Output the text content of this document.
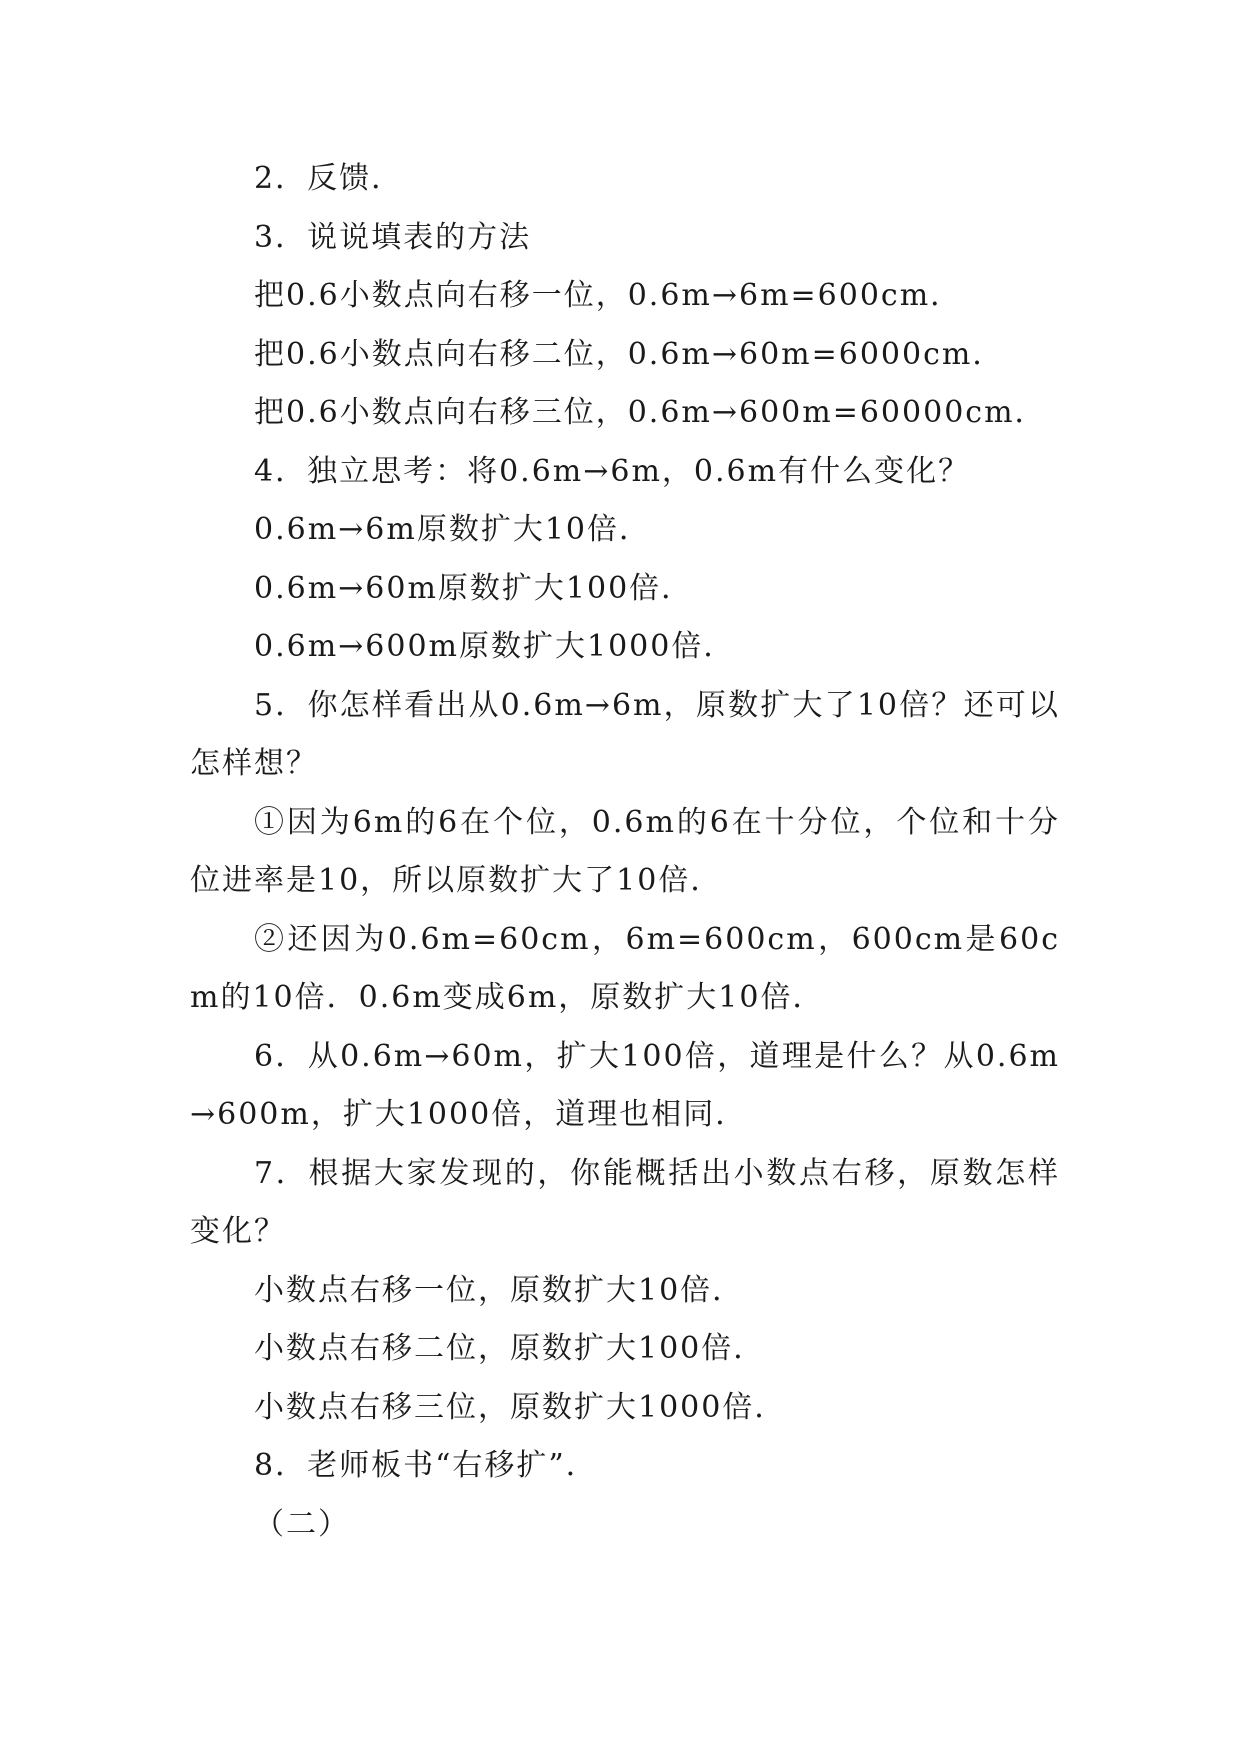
2．反馈．

3．说说填表的方法

把0.6小数点向右移一位，0.6m→6m=600cm．

把0.6小数点向右移二位，0.6m→60m=6000cm．

把0.6小数点向右移三位，0.6m→600m=60000cm．

4．独立思考：将0.6m→6m，0.6m有什么变化？

0.6m→6m原数扩大10倍．

0.6m→60m原数扩大100倍．

0.6m→600m原数扩大1000倍．

5．你怎样看出从0.6m→6m，原数扩大了10倍？还可以怎样想？

①因为6m的6在个位，0.6m的6在十分位，个位和十分位进率是10，所以原数扩大了10倍．

②还因为0.6m=60cm，6m=600cm，600cm是60cm的10倍．0.6m变成6m，原数扩大10倍．

6．从0.6m→60m，扩大100倍，道理是什么？从0.6m→600m，扩大1000倍，道理也相同．

7．根据大家发现的，你能概括出小数点右移，原数怎样变化？

小数点右移一位，原数扩大10倍．

小数点右移二位，原数扩大100倍．

小数点右移三位，原数扩大1000倍．

8．老师板书“右移扩”．

（二）
